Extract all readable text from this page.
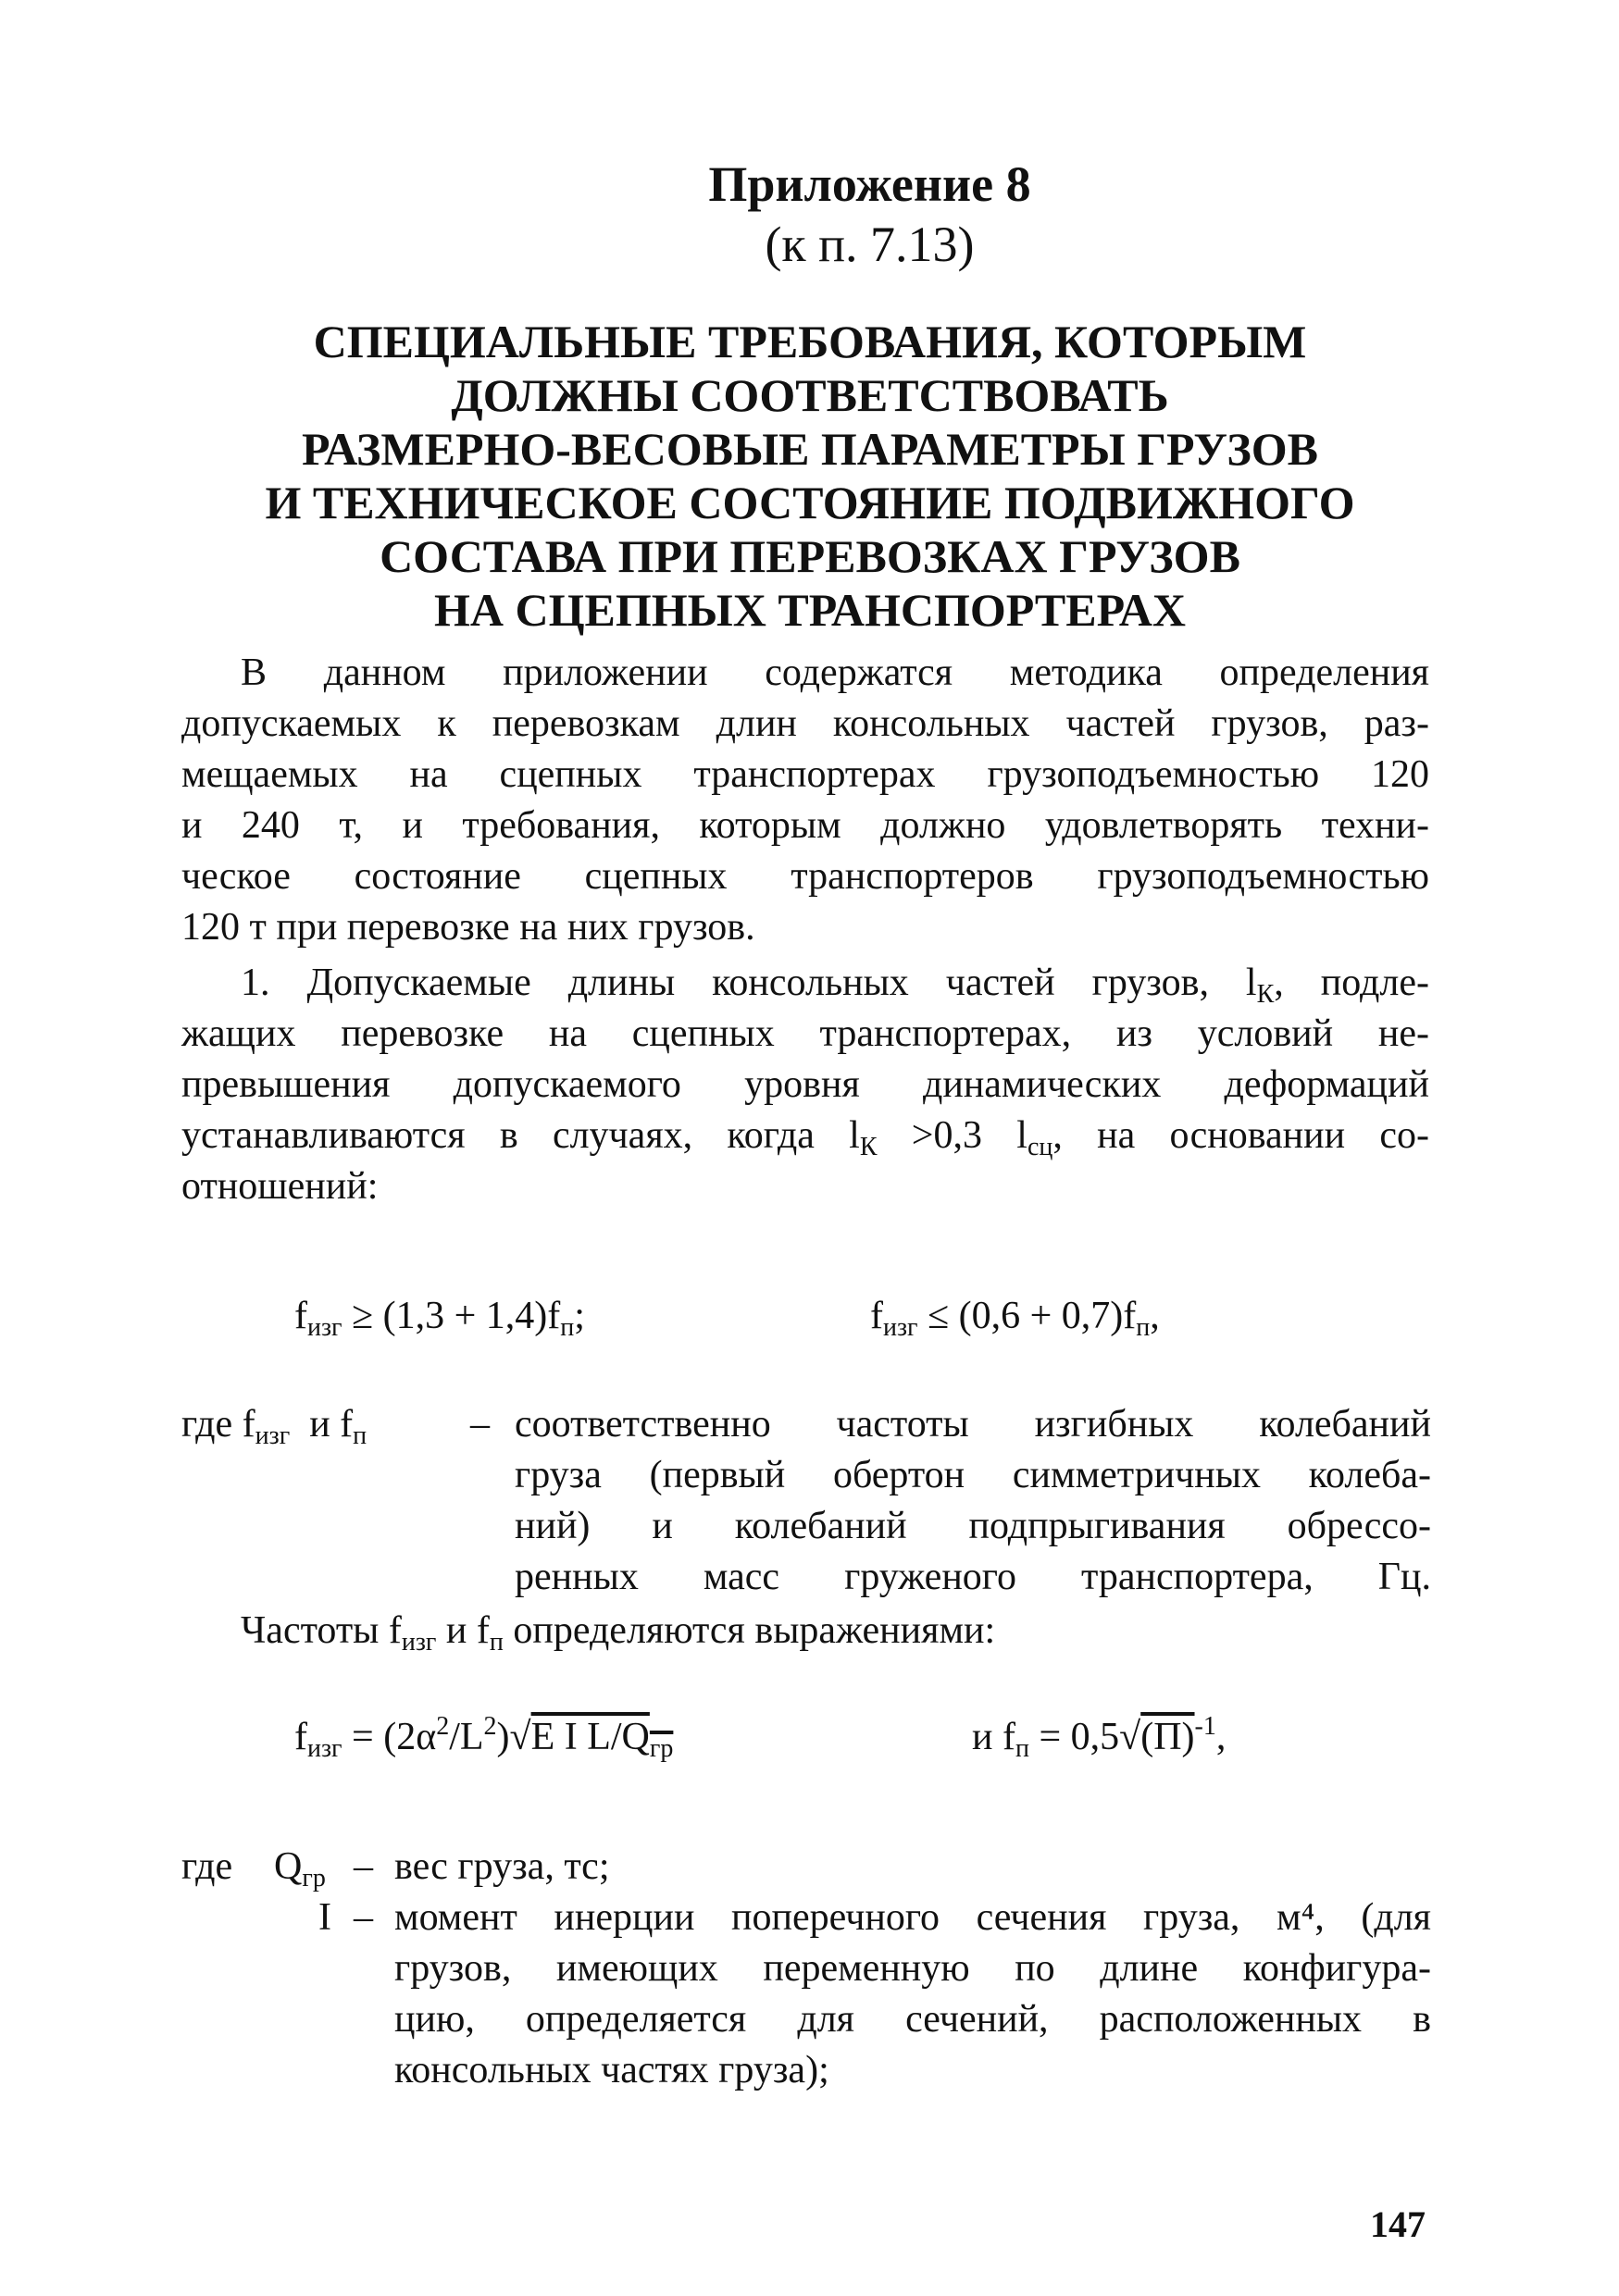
Приложение 8
(к п. 7.13)
СПЕЦИАЛЬНЫЕ ТРЕБОВАНИЯ, КОТОРЫМ
ДОЛЖНЫ СООТВЕТСТВОВАТЬ
РАЗМЕРНО-ВЕСОВЫЕ ПАРАМЕТРЫ ГРУЗОВ
И ТЕХНИЧЕСКОЕ СОСТОЯНИЕ ПОДВИЖНОГО
СОСТАВА ПРИ ПЕРЕВОЗКАХ ГРУЗОВ
НА СЦЕПНЫХ ТРАНСПОРТЕРАХ
В данном приложении содержатся методика определения
допускаемых к перевозкам длин консольных частей грузов, раз-
мещаемых на сцепных транспортерах грузоподъемностью 120
и 240 т, и требования, которым должно удовлетворять техни-
ческое состояние сцепных транспортеров грузоподъемностью
120 т при перевозке на них грузов.
1. Допускаемые длины консольных частей грузов, $l_К$, подле-
жащих перевозке на сцепных транспортерах, из условий не-
превышения допускаемого уровня динамических деформаций
устанавливаются в случаях, когда $l_К >0,3$ $l_{сц}$, на основании со-
отношений:
$f_{изг} \ge (1,3 + 1,4)f_п$;	$f_{изг} \le (0,6 + 0,7)f_п$,
где $f_{изг}$ и $f_п$	– соответственно частоты изгибных колебаний
груза (первый обертон симметричных колеба-
ний) и колебаний подпрыгивания обрессо-
ренных масс груженого транспортера, Гц.
Частоты $f_{изг}$ и $f_п$ определяются выражениями:
$f_{изг} = (2\alpha^2/L^2)√E$ I $L/Q_{гр}$	и $f_п = 0,5√(П)^{-1}$,
где $Q_{гр}$ – вес груза, тс;
I – момент инерции поперечного сечения груза, м⁴, (для
грузов, имеющих переменную по длине конфигура-
цию, определяется для сечений, расположенных в
консольных частях груза);
147
